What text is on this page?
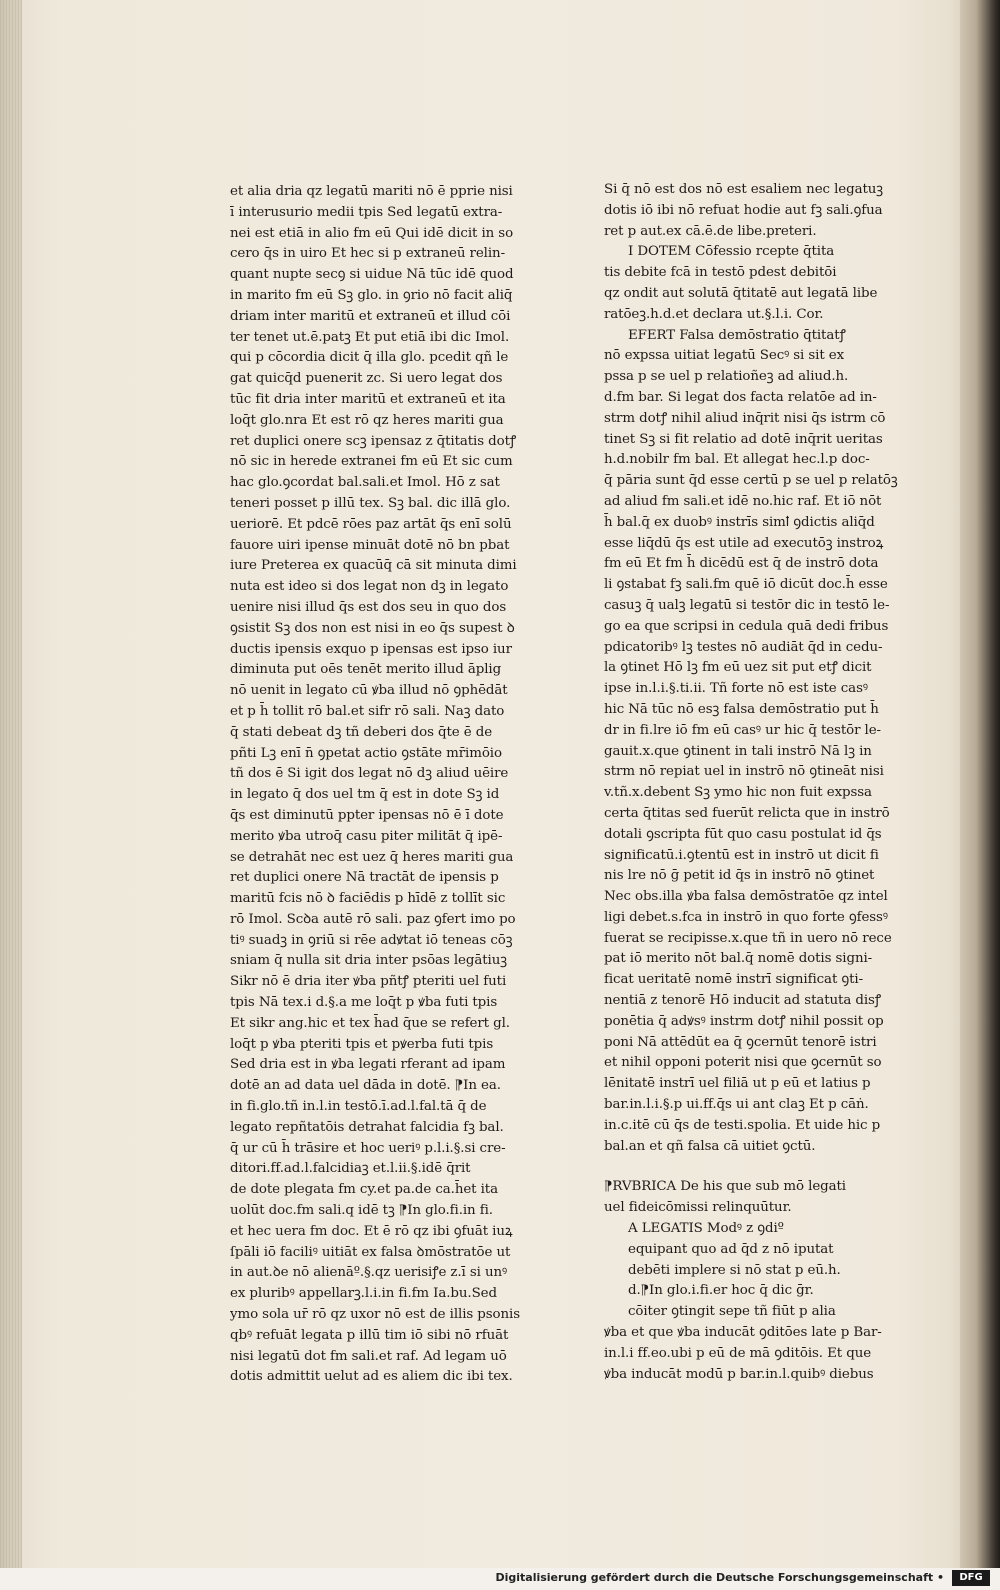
et alia dria qz legatū mariti nō ē pprie nisi
ī interusurio medii tpis Sed legatū extra-
nei est etiā in alio fm eū Qui idē dicit in so
cero q̄s in uiro Et hec si p extraneū relin-
quant nupte secꝯ si uidue Nā tūc idē quod
in marito fm eū Sꝫ glo. in ꝯrio nō facit aliq̄
driam inter maritū et extraneū et illud cōi
ter tenet ut.ē.patꝫ Et put etiā ibi dic Imol.
qui p cōcordia dicit q̄ illa glo. pcedit qñ le
gat quicq̄d puenerit zc. Si uero legat dos
tūc fit dria inter maritū et extraneū et ita
loq̄t glo.nra Et est rō qz heres mariti gua
ret duplici onere scꝫ ipensaz z q̄titatis dotꝭ
nō sic in herede extranei fm eū Et sic cum
hac glo.ꝯcordat bal.sali.et Imol. Hō z sat
teneri posset p illū tex. Sꝫ bal. dic illā glo.
ueriorē. Et pdcē rōes paz artāt q̄s enī solū
fauore uiri ipense minuāt dotē nō bn pbat
iure Preterea ex quacūq̄ cā sit minuta dimi
nuta est ideo si dos legat non dꝫ in legato
uenire nisi illud q̄s est dos seu in quo dos
ꝯsistit Sꝫ dos non est nisi in eo q̄s supest ꝺ
ductis ipensis exquo p ipensas est ipso iur
diminuta put oēs tenēt merito illud āplig
nō uenit in legato cū ꝟba illud nō ꝯphēdāt
et p h̄ tollit rō bal.et sifr rō sali. Naꝫ dato
q̄ stati debeat dꝫ tñ deberi dos q̄te ē de
pñti Lꝫ enī n̄ ꝯpetat actio ꝯstāte mr̄imōio
tñ dos ē Si igit dos legat nō dꝫ aliud uēire
in legato q̄ dos uel tm q̄ est in dote Sꝫ id
q̄s est diminutū ppter ipensas nō ē ī dote
merito ꝟba utroq̄ casu piter militāt q̄ ipē-
se detrahāt nec est uez q̄ heres mariti gua
ret duplici onere Nā tractāt de ipensis p
maritū fcis nō ꝺ faciēdis p hīdē z tollīt sic
rō Imol. Scꝺa autē rō sali. paz ꝯfert imo po
tiꝰ suadꝫ in ꝯriū si rēe adꝟtat iō teneas cōꝫ
sniam q̄ nulla sit dria inter psōas legātiuꝫ
Sikr nō ē dria iter ꝟba pñtꝭ pteriti uel futi
tpis Nā tex.i d.§.a me loq̄t p ꝟba futi tpis
Et sikr ang.hic et tex h̄ad q̄ue se refert gl.
loq̄t p ꝟba pteriti tpis et pꝟerba futi tpis
Sed dria est in ꝟba legati rferant ad ipam
dotē an ad data uel dāda in dotē. ⁋In ea.
in fi.glo.tñ in.l.in testō.ī.ad.l.fal.tā q̄ de
legato repñtatōis detrahat falcidia fꝫ bal.
q̄ ur cū h̄ trāsire et hoc ueriꝰ p.l.i.§.si cre-
ditori.ff.ad.l.falcidiaꝫ et.l.ii.§.idē q̄rit
de dote plegata fm cy.et pa.de ca.h̄et ita
uolūt doc.fm sali.q idē tꝫ ⁋In glo.fi.in fi.
et hec uera fm doc. Et ē rō qz ibi ꝯfuāt iuꝝ
ſpāli iō faciliꝰ uitiāt ex falsa ꝺmōstratōe ut
in aut.ꝺe nō alienāº.§.qz uerisiꝭe z.ī si unꝰ
ex pluribꝰ appellarꝫ.l.i.in fi.fm Ia.bu.Sed
ymo sola ur̄ rō qz uxor nō est de illis psonis
qbꝰ refuāt legata p illū tim iō sibi nō rfuāt
nisi legatū dot fm sali.et raf. Ad legam uō
dotis admittit uelut ad es aliem dic ibi tex.
Si q̄ nō est dos nō est esaliem nec legatuꝫ
dotis iō ibi nō refuat hodie aut fꝫ sali.ꝯfua
ret p aut.ex cā.ē.de libe.preteri.
I DOTEM Cōfessio rcepte q̄tita
tis debite fcā in testō pdest debitōi
qz ondit aut solutā q̄titatē aut legatā libe
ratōeꝫ.h.d.et declara ut.§.l.i. Cor.
EFERT Falsa demōstratio q̄titatꝭ
nō expssa uitiat legatū Secꝰ si sit ex
pssa p se uel p relatioñeꝫ ad aliud.h.
d.fm bar. Si legat dos facta relatōe ad in-
strm dotꝭ nihil aliud inq̄rit nisi q̄s istrm cō
tinet Sꝫ si fit relatio ad dotē inq̄rit ueritas
h.d.nobilr fm bal. Et allegat hec.l.p doc-
q̄ pāria sunt q̄d esse certū p se uel p relatōꝫ
ad aliud fm sali.et idē no.hic raf. Et iō nōt
h̄ bal.q̄ ex duobꝰ instrīs simꝉ ꝯdictis aliq̄d
esse liq̄dū q̄s est utile ad executōꝫ instroꝝ
fm eū Et fm h̄ dicēdū est q̄ de instrō dota
li ꝯstabat fꝫ sali.fm quē iō dicūt doc.h̄ esse
casuꝫ q̄ ualꝫ legatū si testōr dic in testō le-
go ea que scripsi in cedula quā dedi fribus
pdicatoribꝰ lꝫ testes nō audiāt q̄d in cedu-
la ꝯtinet Hō lꝫ fm eū uez sit put etꝭ dicit
ipse in.l.i.§.ti.ii. Tñ forte nō est iste casꝰ
hic Nā tūc nō esꝫ falsa demōstratio put h̄
dr in fi.lre iō fm eū casꝰ ur hic q̄ testōr le-
gauit.x.que ꝯtinent in tali instrō Nā lꝫ in
strm nō repiat uel in instrō nō ꝯtineāt nisi
v.tñ.x.debent Sꝫ ymo hic non fuit expssa
certa q̄titas sed fuerūt relicta que in instrō
dotali ꝯscripta fūt quo casu postulat id q̄s
significatū.i.ꝯtentū est in instrō ut dicit fi
nis lre nō ḡ petit id q̄s in instrō nō ꝯtinet
Nec obs.illa ꝟba falsa demōstratōe qz intel
ligi debet.s.fca in instrō in quo forte ꝯfessꝰ
fuerat se recipisse.x.que tñ in uero nō rece
pat iō merito nōt bal.q̄ nomē dotis signi-
ficat ueritatē nomē instrī significat ꝯti-
nentiā z tenorē Hō inducit ad statuta disꝭ
ponētia q̄ adꝟsꝰ instrm dotꝭ nihil possit op
poni Nā attēdūt ea q̄ ꝯcernūt tenorē istri
et nihil opponi poterit nisi que ꝯcernūt so
lēnitatē instrī uel filiā ut p eū et latius p
bar.in.l.i.§.p ui.ff.q̄s ui ant claꝫ Et p cāṅ.
in.c.itē cū q̄s de testi.spolia. Et uide hic p
bal.an et qñ falsa cā uitiet ꝯctū.
⁋RVBRICA De his que sub mō legati
uel fideicōmissi relinquūtur.
A LEGATIS Modꝰ z ꝯdiº
equipant quo ad q̄d z nō iputat
debēti implere si nō stat p eū.h.
d.⁋In glo.i.fi.er hoc q̄ dic ḡr.
cōiter ꝯtingit sepe tñ fiūt p alia
ꝟba et que ꝟba inducāt ꝯditōes late p Bar-
in.l.i ff.eo.ubi p eū de mā ꝯditōis. Et que
ꝟba inducāt modū p bar.in.l.quibꝰ diebus
Digitalisierung gefördert durch die Deutsche Forschungsgemeinschaft •	DFG
